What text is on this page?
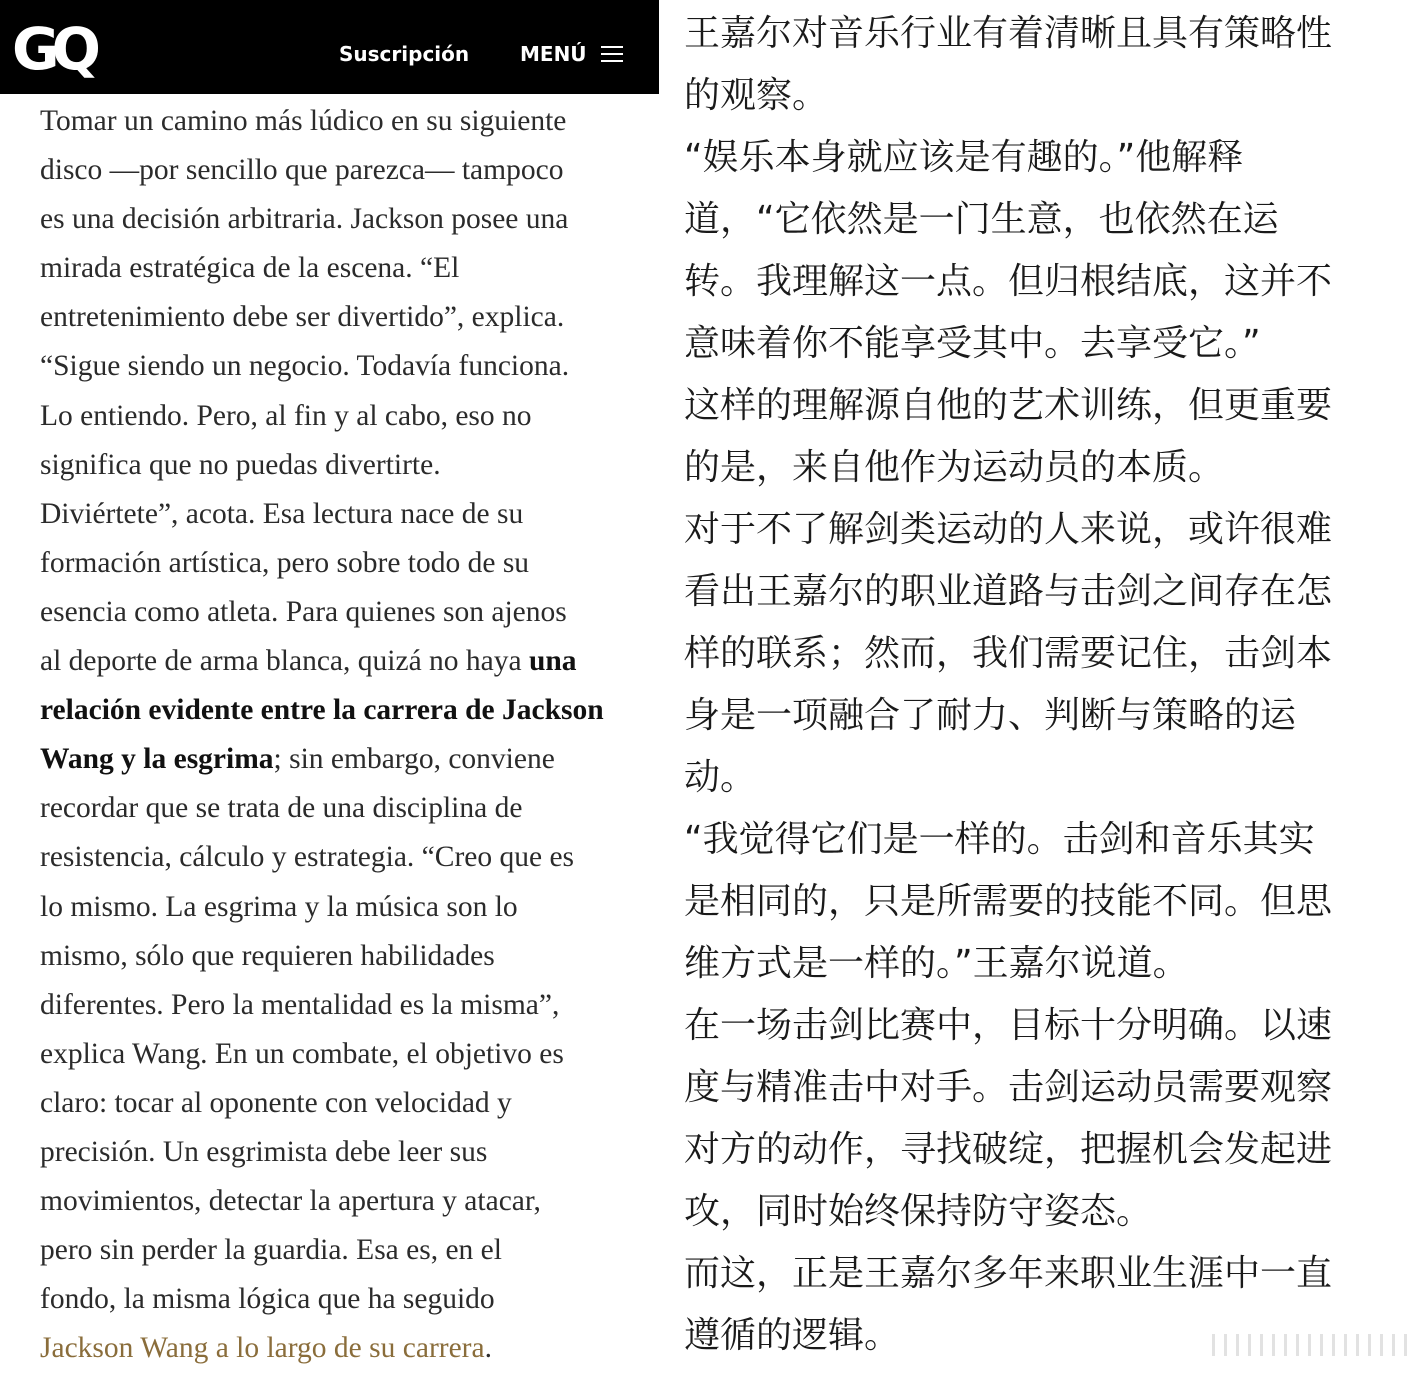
GQ	Suscripción	MENÚ
Tomar un camino más lúdico en su siguiente
disco —por sencillo que parezca— tampoco
es una decisión arbitraria. Jackson posee una
mirada estratégica de la escena. “El
entretenimiento debe ser divertido”, explica.
“Sigue siendo un negocio. Todavía funciona.
Lo entiendo. Pero, al fin y al cabo, eso no
significa que no puedas divertirte.
Diviértete”, acota. Esa lectura nace de su
formación artística, pero sobre todo de su
esencia como atleta. Para quienes son ajenos
al deporte de arma blanca, quizá no haya una
relación evidente entre la carrera de Jackson
Wang y la esgrima; sin embargo, conviene
recordar que se trata de una disciplina de
resistencia, cálculo y estrategia. “Creo que es
lo mismo. La esgrima y la música son lo
mismo, sólo que requieren habilidades
diferentes. Pero la mentalidad es la misma”,
explica Wang. En un combate, el objetivo es
claro: tocar al oponente con velocidad y
precisión. Un esgrimista debe leer sus
movimientos, detectar la apertura y atacar,
pero sin perder la guardia. Esa es, en el
fondo, la misma lógica que ha seguido
Jackson Wang a lo largo de su carrera.
王嘉尔对音乐行业有着清晰且具有策略性
的观察。
“娱乐本身就应该是有趣的。”他解释
道，“它依然是一门生意，也依然在运
转。我理解这一点。但归根结底，这并不
意味着你不能享受其中。去享受它。”
这样的理解源自他的艺术训练，但更重要
的是，来自他作为运动员的本质。
对于不了解剑类运动的人来说，或许很难
看出王嘉尔的职业道路与击剑之间存在怎
样的联系；然而，我们需要记住，击剑本
身是一项融合了耐力、判断与策略的运
动。
“我觉得它们是一样的。击剑和音乐其实
是相同的，只是所需要的技能不同。但思
维方式是一样的。”王嘉尔说道。
在一场击剑比赛中，目标十分明确。以速
度与精准击中对手。击剑运动员需要观察
对方的动作，寻找破绽，把握机会发起进
攻，同时始终保持防守姿态。
而这，正是王嘉尔多年来职业生涯中一直
遵循的逻辑。
